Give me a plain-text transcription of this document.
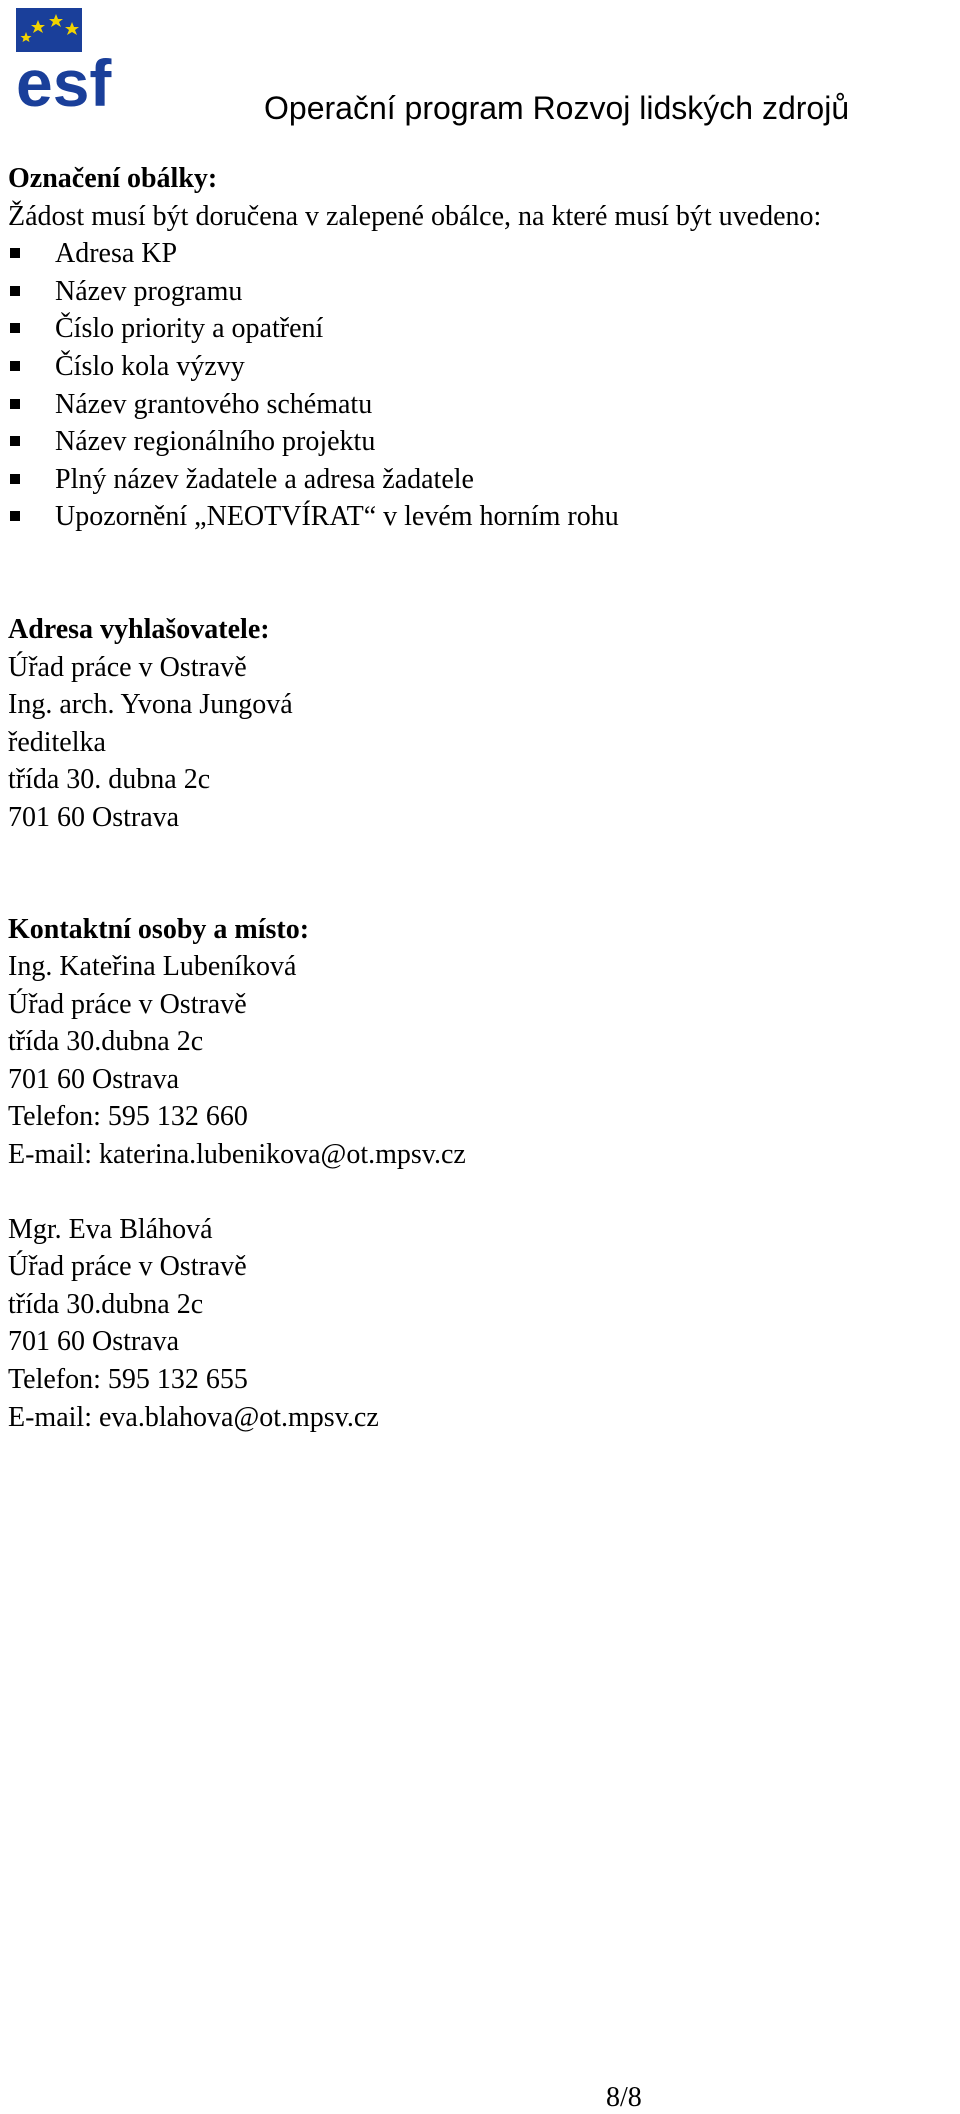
esf	Operační program Rozvoj lidských zdrojů

Označení obálky:

Žádost musí být doručena v zalepené obálce, na které musí být uvedeno:

Adresa KP
Název programu
Číslo priority a opatření
Číslo kola výzvy
Název grantového schématu
Název regionálního projektu
Plný název žadatele a adresa žadatele
Upozornění „NEOTVÍRAT“ v levém horním rohu

Adresa vyhlašovatele:

Úřad práce v Ostravě

Ing. arch. Yvona Jungová

ředitelka

třída 30. dubna 2c

701 60 Ostrava

Kontaktní osoby a místo:

Ing. Kateřina Lubeníková

Úřad práce v Ostravě

třída 30.dubna 2c

701 60 Ostrava

Telefon: 595 132 660

E-mail: katerina.lubenikova@ot.mpsv.cz

Mgr. Eva Bláhová

Úřad práce v Ostravě

třída 30.dubna 2c

701 60 Ostrava

Telefon: 595 132 655

E-mail: eva.blahova@ot.mpsv.cz

8/8
